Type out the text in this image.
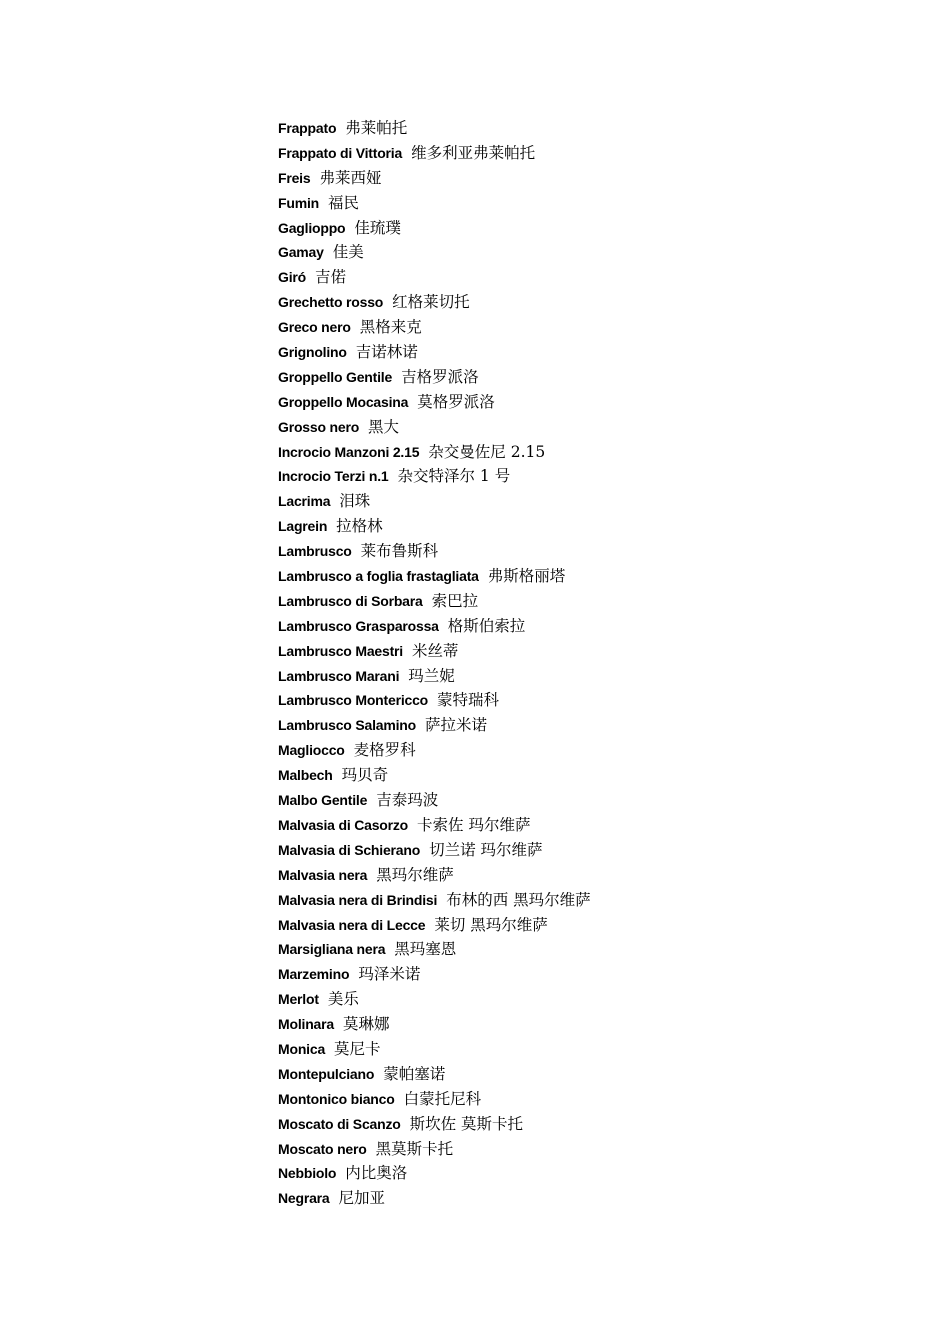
Frappato 弗莱帕托
Frappato di Vittoria 维多利亚弗莱帕托
Freis 弗莱西娅
Fumin 福民
Gaglioppo 佳琉璞
Gamay 佳美
Giró 吉偌
Grechetto rosso 红格莱切托
Greco nero 黑格来克
Grignolino 吉诺林诺
Groppello Gentile 吉格罗派洛
Groppello Mocasina 莫格罗派洛
Grosso nero 黑大
Incrocio Manzoni 2.15 杂交曼佐尼 2.15
Incrocio Terzi n.1 杂交特泽尔 1 号
Lacrima 泪珠
Lagrein 拉格林
Lambrusco 莱布鲁斯科
Lambrusco a foglia frastagliata 弗斯格丽塔
Lambrusco di Sorbara 索巴拉
Lambrusco Grasparossa 格斯伯索拉
Lambrusco Maestri 米丝蒂
Lambrusco Marani 玛兰妮
Lambrusco Montericco 蒙特瑞科
Lambrusco Salamino 萨拉米诺
Magliocco 麦格罗科
Malbech 玛贝奇
Malbo Gentile 吉泰玛波
Malvasia di Casorzo 卡索佐 玛尔维萨
Malvasia di Schierano 切兰诺 玛尔维萨
Malvasia nera 黑玛尔维萨
Malvasia nera di Brindisi 布林的西 黑玛尔维萨
Malvasia nera di Lecce 莱切 黑玛尔维萨
Marsigliana nera 黑玛塞恩
Marzemino 玛泽米诺
Merlot 美乐
Molinara 莫琳娜
Monica 莫尼卡
Montepulciano 蒙帕塞诺
Montonico bianco 白蒙托尼科
Moscato di Scanzo 斯坎佐 莫斯卡托
Moscato nero 黑莫斯卡托
Nebbiolo 内比奥洛
Negrara 尼加亚
